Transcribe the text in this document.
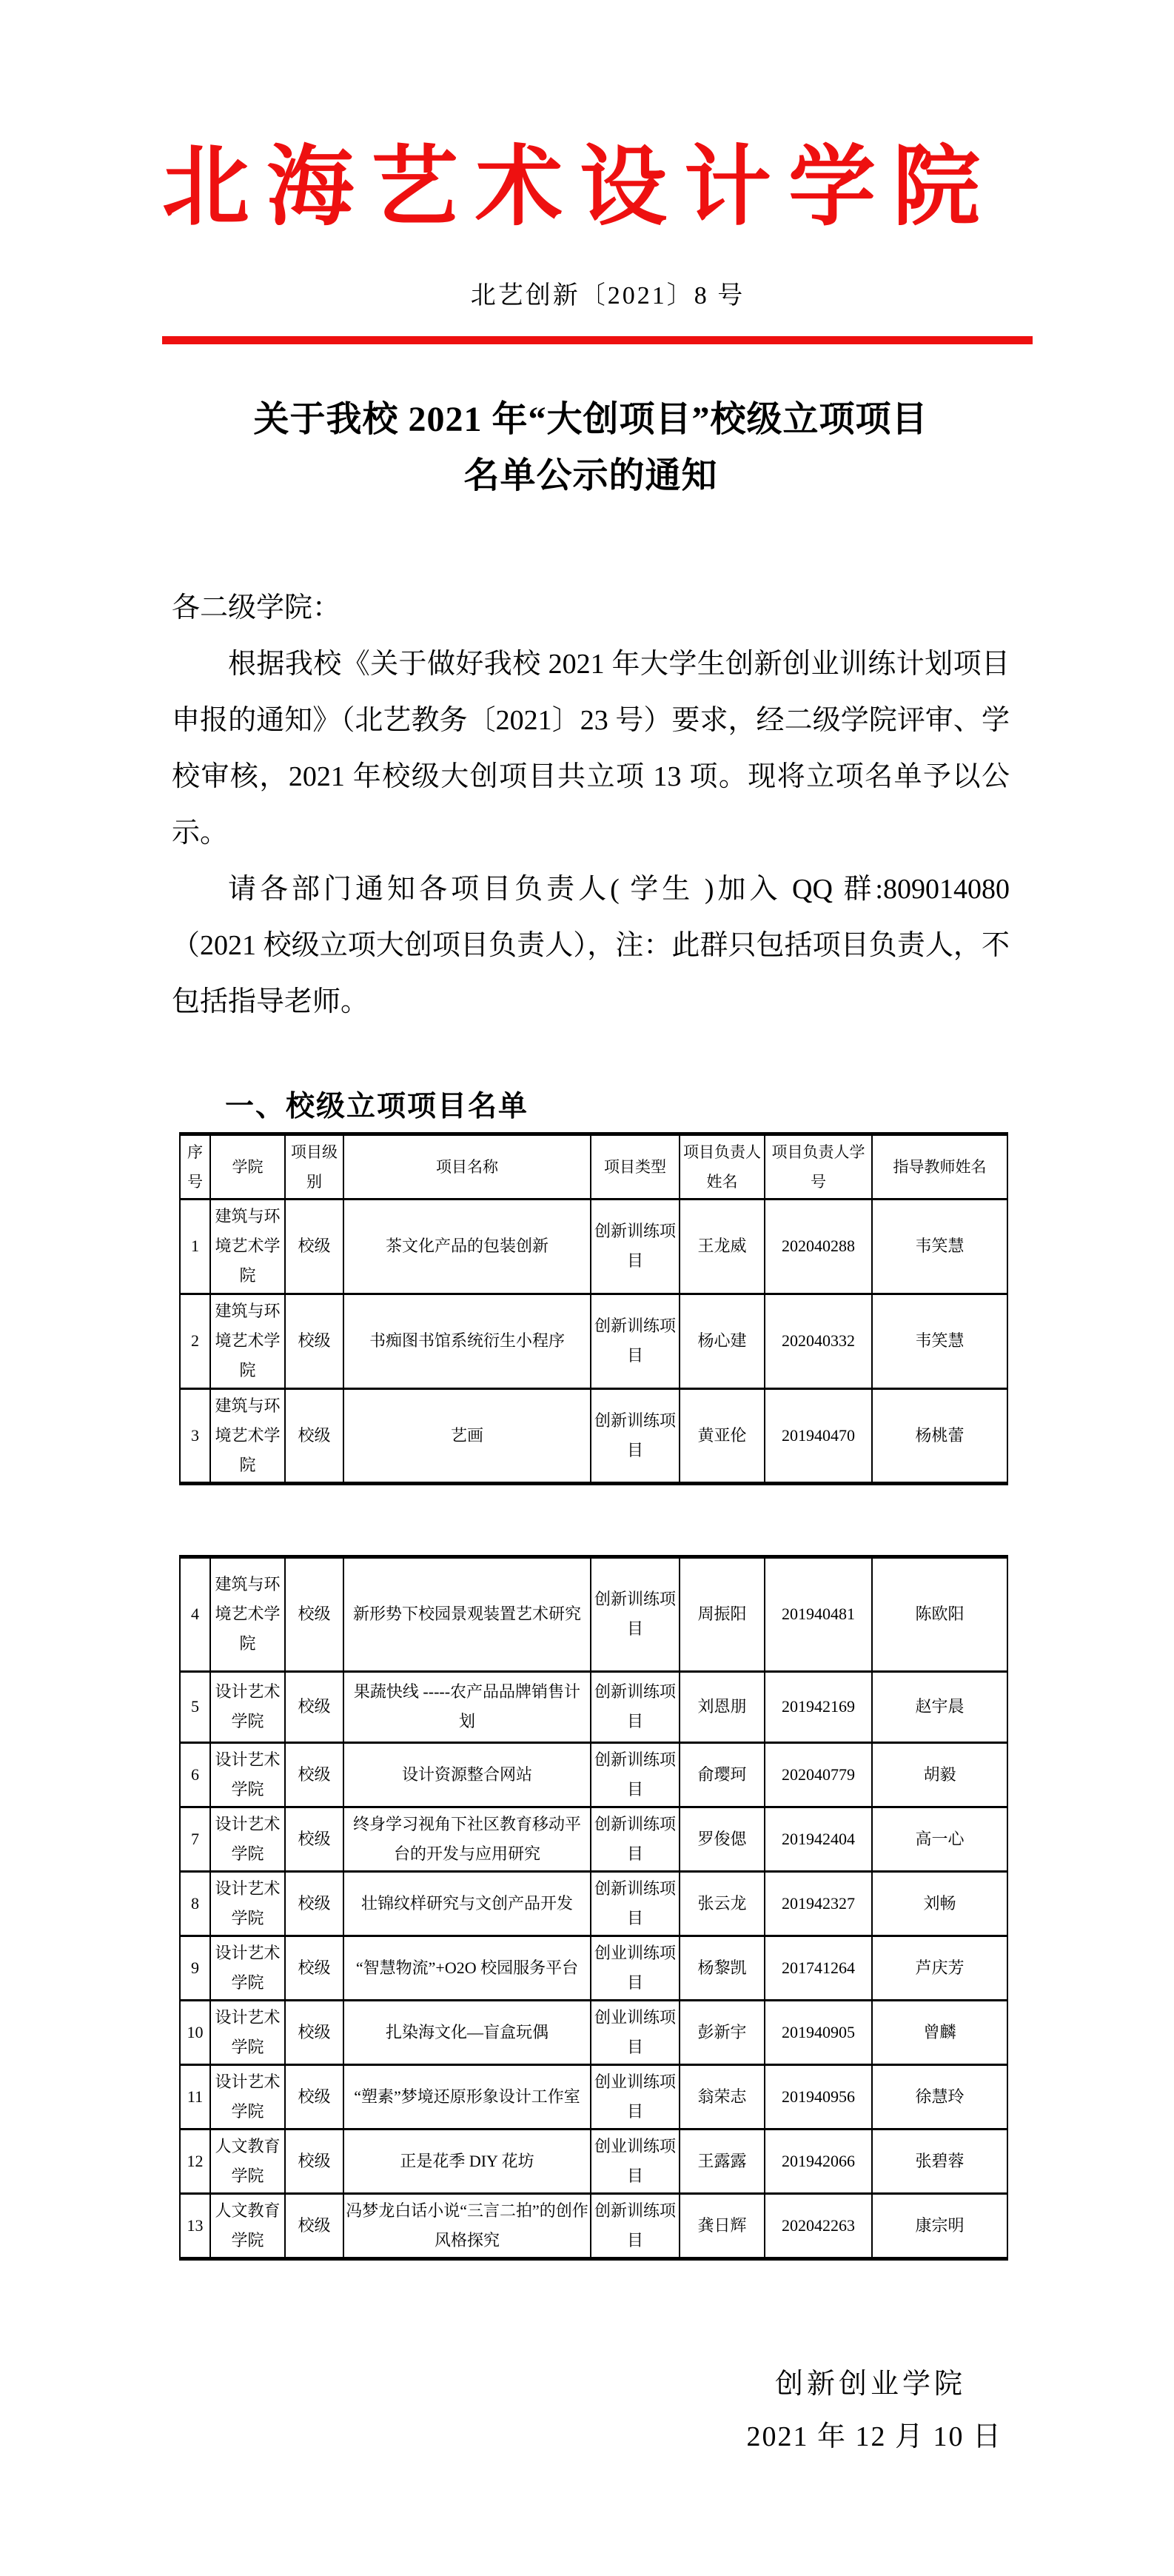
北海艺术设计学院
北艺创新〔2021〕8 号
关于我校 2021 年“大创项目”校级立项项目
名单公示的通知

各二级学院：

根据我校《关于做好我校 2021 年大学生创新创业训练计划项目申报的通知》（北艺教务〔2021〕23 号）要求，经二级学院评审、学校审核，2021 年校级大创项目共立项 13 项。现将立项名单予以公示。

请各部门通知各项目负责人( 学生 )加入 QQ 群:809014080（2021 校级立项大创项目负责人），注：此群只包括项目负责人，不包括指导老师。

一、校级立项项目名单
序号	学院	项目级别	项目名称	项目类型	项目负责人姓名	项目负责人学号	指导教师姓名
1	建筑与环境艺术学院	校级	茶文化产品的包装创新	创新训练项目	王龙威	202040288	韦笑慧
2	建筑与环境艺术学院	校级	书痴图书馆系统衍生小程序	创新训练项目	杨心建	202040332	韦笑慧
3	建筑与环境艺术学院	校级	艺画	创新训练项目	黄亚伦	201940470	杨桃蕾
4	建筑与环境艺术学院	校级	新形势下校园景观装置艺术研究	创新训练项目	周振阳	201940481	陈欧阳
5	设计艺术学院	校级	果蔬快线 -----农产品品牌销售计划	创新训练项目	刘恩朋	201942169	赵宇晨
6	设计艺术学院	校级	设计资源整合网站	创新训练项目	俞璎珂	202040779	胡毅
7	设计艺术学院	校级	终身学习视角下社区教育移动平台的开发与应用研究	创新训练项目	罗俊偲	201942404	高一心
8	设计艺术学院	校级	壮锦纹样研究与文创产品开发	创新训练项目	张云龙	201942327	刘畅
9	设计艺术学院	校级	“智慧物流”+O2O 校园服务平台	创业训练项目	杨黎凯	201741264	芦庆芳
10	设计艺术学院	校级	扎染海文化—盲盒玩偶	创业训练项目	彭新宇	201940905	曾麟
11	设计艺术学院	校级	“塑素”梦境还原形象设计工作室	创业训练项目	翁荣志	201940956	徐慧玲
12	人文教育学院	校级	正是花季 DIY 花坊	创业训练项目	王露露	201942066	张碧蓉
13	人文教育学院	校级	冯梦龙白话小说“三言二拍”的创作风格探究	创新训练项目	龚日辉	202042263	康宗明
创新创业学院
2021 年 12 月 10 日
